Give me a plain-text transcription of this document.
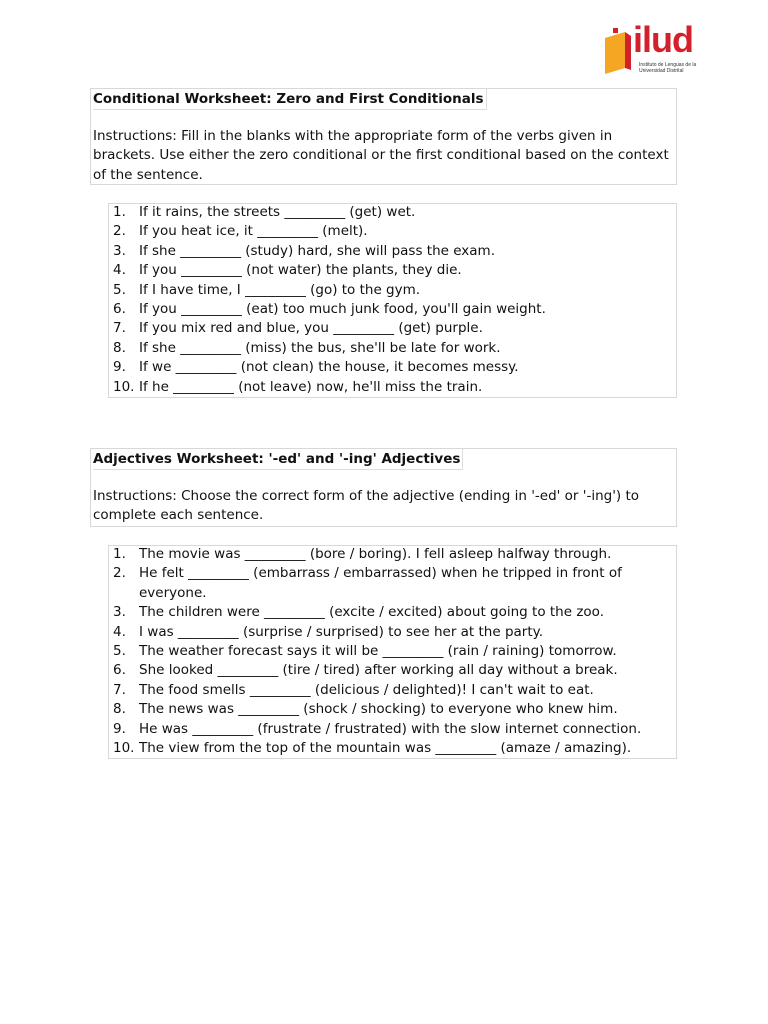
ilud
Instituto de Lenguas de la Universidad Distrital
Conditional Worksheet: Zero and First Conditionals
Instructions: Fill in the blanks with the appropriate form of the verbs given in brackets. Use either the zero conditional or the first conditional based on the context of the sentence.
1. If it rains, the streets _________ (get) wet.
2. If you heat ice, it _________ (melt).
3. If she _________ (study) hard, she will pass the exam.
4. If you _________ (not water) the plants, they die.
5. If I have time, I _________ (go) to the gym.
6. If you _________ (eat) too much junk food, you'll gain weight.
7. If you mix red and blue, you _________ (get) purple.
8. If she _________ (miss) the bus, she'll be late for work.
9. If we _________ (not clean) the house, it becomes messy.
10. If he _________ (not leave) now, he'll miss the train.
Adjectives Worksheet: '-ed' and '-ing' Adjectives
Instructions: Choose the correct form of the adjective (ending in '-ed' or '-ing') to complete each sentence.
1. The movie was _________ (bore / boring). I fell asleep halfway through.
2. He felt _________ (embarrass / embarrassed) when he tripped in front of everyone.
3. The children were _________ (excite / excited) about going to the zoo.
4. I was _________ (surprise / surprised) to see her at the party.
5. The weather forecast says it will be _________ (rain / raining) tomorrow.
6. She looked _________ (tire / tired) after working all day without a break.
7. The food smells _________ (delicious / delighted)! I can't wait to eat.
8. The news was _________ (shock / shocking) to everyone who knew him.
9. He was _________ (frustrate / frustrated) with the slow internet connection.
10. The view from the top of the mountain was _________ (amaze / amazing).
